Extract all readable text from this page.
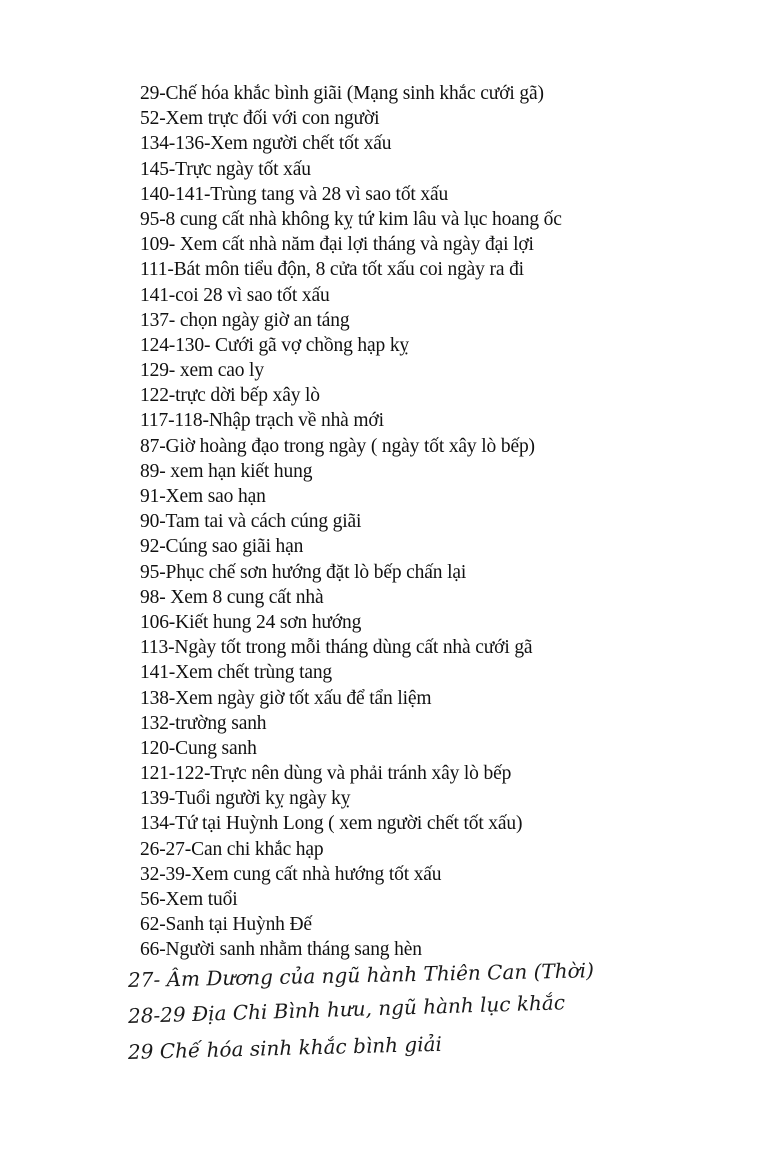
29-Chế hóa khắc bình giãi (Mạng sinh khắc cưới gã)
52-Xem trực đối với con người
134-136-Xem người chết tốt xấu
145-Trực ngày tốt xấu
140-141-Trùng tang và 28 vì sao tốt xấu
95-8 cung cất nhà không kỵ tứ kim lâu và lục hoang ốc
109- Xem cất nhà năm đại lợi tháng và ngày đại lợi
111-Bát môn tiểu độn, 8 cửa tốt xấu coi ngày ra đi
141-coi 28 vì sao tốt xấu
137- chọn ngày giờ an táng
124-130- Cưới gã vợ chồng hạp kỵ
129- xem cao ly
122-trực dời bếp xây lò
117-118-Nhập trạch về nhà mới
87-Giờ hoàng đạo trong ngày ( ngày tốt xây lò bếp)
89- xem hạn kiết hung
91-Xem sao hạn
90-Tam tai và cách cúng giãi
92-Cúng sao giãi hạn
95-Phục chế sơn hướng đặt lò bếp chấn lại
98- Xem 8 cung cất nhà
106-Kiết hung 24 sơn hướng
113-Ngày tốt trong mỗi tháng dùng cất nhà cưới gã
141-Xem chết trùng tang
138-Xem ngày giờ tốt xấu để tẩn liệm
132-trường sanh
120-Cung sanh
121-122-Trực nên dùng và phải tránh xây lò bếp
139-Tuổi người kỵ ngày kỵ
134-Tứ tại Huỳnh Long ( xem người chết tốt xấu)
26-27-Can chi khắc hạp
32-39-Xem cung cất nhà hướng tốt xấu
56-Xem tuổi
62-Sanh tại Huỳnh Đế
66-Người sanh nhằm tháng sang hèn
27- Âm Dương của ngũ hành Thiên Can (Thời)
28-29 Địa Chi Bình hưu, ngũ hành lục khắc
29 Chế hóa sinh khắc bình giải
